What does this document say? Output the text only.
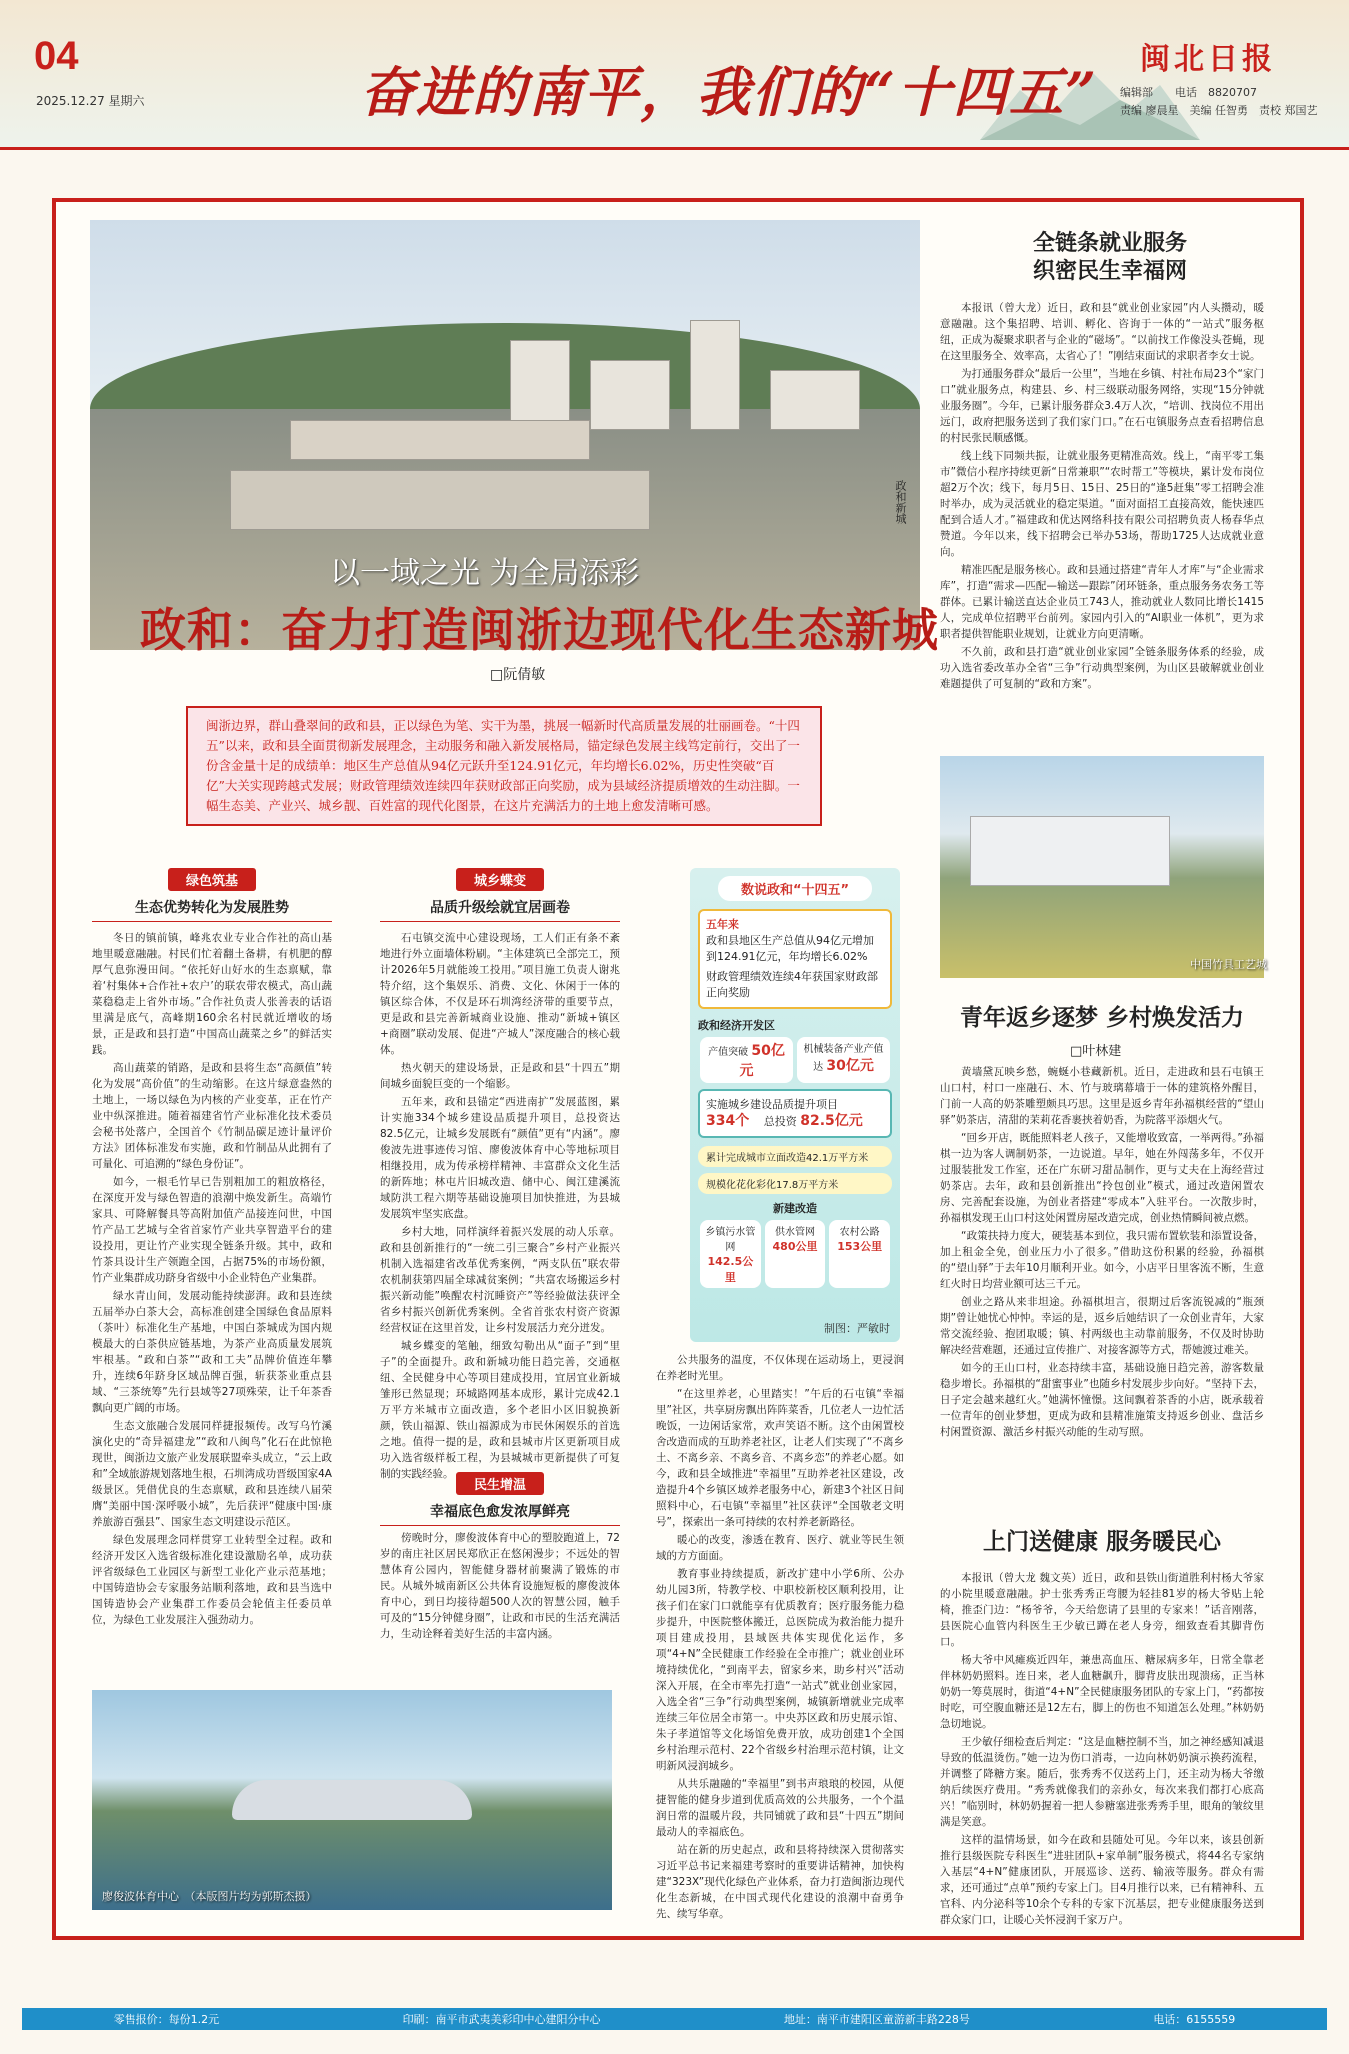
04
2025.12.27 星期六	奋进的南平，我们的“十四五”
闽北日报
编辑部　　电话　8820707
责编 廖晨星　美编 任智勇　责校 郑国艺
政和新城
以一域之光 为全局添彩
政和：奋力打造闽浙边现代化生态新城
□阮倩敏
闽浙边界，群山叠翠间的政和县，正以绿色为笔、实干为墨，挑展一幅新时代高质量发展的壮丽画卷。“十四五”以来，政和县全面贯彻新发展理念，主动服务和融入新发展格局，锚定绿色发展主线笃定前行，交出了一份含金量十足的成绩单：地区生产总值从94亿元跃升至124.91亿元，年均增长6.02%，历史性突破“百亿”大关实现跨越式发展；财政管理绩效连续四年获财政部正向奖励，成为县域经济提质增效的生动注脚。一幅生态美、产业兴、城乡靓、百姓富的现代化图景，在这片充满活力的土地上愈发清晰可感。
绿色筑基
生态优势转化为发展胜势

冬日的镇前镇，峰兆农业专业合作社的高山基地里暖意融融。村民们忙着翻土备耕，有机肥的醇厚气息弥漫田间。“依托好山好水的生态禀赋，靠着‘村集体+合作社+农户’的联农带农模式，高山蔬菜稳稳走上省外市场。”合作社负责人张善表的话语里满是底气，高峰期160余名村民就近增收的场景，正是政和县打造“中国高山蔬菜之乡”的鲜活实践。

高山蔬菜的销路，是政和县将生态“高颜值”转化为发展“高价值”的生动缩影。在这片绿意盎然的土地上，一场以绿色为内核的产业变革，正在竹产业中纵深推进。随着福建省竹产业标准化技术委员会秘书处落户，全国首个《竹制品碳足迹计量评价方法》团体标准发布实施，政和竹制品从此拥有了可量化、可追溯的“绿色身份证”。

如今，一根毛竹早已告别粗加工的粗放格径，在深度开发与绿色智造的浪潮中焕发新生。高端竹家具、可降解餐具等高附加值产品接连问世，中国竹产品工艺城与全省首家竹产业共享智造平台的建设投用，更让竹产业实现全链条升级。其中，政和竹茶具设计生产领跑全国，占据75%的市场份额，竹产业集群成功跻身省级中小企业特色产业集群。

绿水青山间，发展动能持续澎湃。政和县连续五届举办白茶大会，高标准创建全国绿色食品原料（茶叶）标准化生产基地，中国白茶城成为国内规模最大的白茶供应链基地，为茶产业高质量发展筑牢根基。“政和白茶”“政和工夫”品牌价值连年攀升，连续6年跻身区域品牌百强，斩获茶业重点县域、“三茶统筹”先行县域等27项殊荣，让千年茶香飘向更广阔的市场。

生态文旅融合发展同样捷报频传。改写乌竹溪演化史的“奇异福建龙”“政和八闽鸟”化石在此惊艳现世，闽浙边文旅产业发展联盟牵头成立，“云上政和”全域旅游规划落地生根，石圳湾成功晋级国家4A级景区。凭借优良的生态禀赋，政和县连续八届荣膺“美丽中国·深呼吸小城”，先后获评“健康中国·康养旅游百强县”、国家生态文明建设示范区。

绿色发展理念同样贯穿工业转型全过程。政和经济开发区入选省级标准化建设激励名单，成功获评省级绿色工业园区与新型工业化产业示范基地；中国铸造协会专家服务站顺利落地，政和县当选中国铸造协会产业集群工作委员会轮值主任委员单位，为绿色工业发展注入强劲动力。

城乡蝶变
品质升级绘就宜居画卷

石屯镇交流中心建设现场，工人们正有条不紊地进行外立面墙体粉刷。“主体建筑已全部完工，预计2026年5月就能竣工投用。”项目施工负责人谢兆特介绍，这个集娱乐、消费、文化、休闲于一体的镇区综合体，不仅是环石圳湾经济带的重要节点，更是政和县完善新城商业设施、推动“新城+镇区+商圈”联动发展、促进“产城人”深度融合的核心载体。

热火朝天的建设场景，正是政和县“十四五”期间城乡面貌巨变的一个缩影。

五年来，政和县锚定“西进南扩”发展蓝图，累计实施334个城乡建设品质提升项目，总投资达82.5亿元，让城乡发展既有“颜值”更有“内涵”。廖俊波先进事迹传习馆、廖俊波体育中心等地标项目相继投用，成为传承榜样精神、丰富群众文化生活的新阵地；林屯片旧城改造、储中心、闽江建溪流域防洪工程六期等基础设施项目加快推进，为县城发展筑牢坚实底盘。

乡村大地，同样演绎着振兴发展的动人乐章。政和县创新推行的“一统二引三聚合”乡村产业振兴机制入选福建省改革优秀案例，“两支队伍”联农带农机制获第四届全球减贫案例；“共富农场搬运乡村振兴新动能”唤醒农村沉睡资产”等经验做法获评全省乡村振兴创新优秀案例。全省首张农村资产资源经营权证在这里首发，让乡村发展活力充分迸发。

城乡蝶变的笔触，细致勾勒出从“面子”到“里子”的全面提升。政和新城功能日趋完善，交通枢纽、全民健身中心等项目建成投用，宜居宜业新城雏形已然显现；环城路网基本成形，累计完成42.1万平方米城市立面改造，多个老旧小区旧貌换新颜，铁山福源、铁山福源成为市民休闲娱乐的首选之地。值得一提的是，政和县城市片区更新项目成功入选省级样板工程，为县城城市更新提供了可复制的实践经验。

民生增温
幸福底色愈发浓厚鲜亮

傍晚时分，廖俊波体育中心的塑胶跑道上，72岁的南庄社区居民郑欣正在悠闲漫步；不远处的智慧体育公园内，智能健身器材前聚满了锻炼的市民。从城外城南新区公共体育设施短板的廖俊波体育中心，到日均接待超500人次的智慧公园，触手可及的“15分钟健身圈”，让政和市民的生活充满活力，生动诠释着美好生活的丰富内涵。

数说政和“十四五”
五年来
政和县地区生产总值从94亿元增加到124.91亿元，年均增长6.02%
财政管理绩效连续4年获国家财政部正向奖励
政和经济开发区
产值突破 50亿元
机械装备产业产值达 30亿元
实施城乡建设品质提升项目
334个　 总投资 82.5亿元
累计完成城市立面改造42.1万平方米
规模化花化彩化17.8万平方米
新建改造
乡镇污水管网
142.5公里
供水管网
480公里
农村公路
153公里
制图：严敏时

公共服务的温度，不仅体现在运动场上，更浸润在养老时光里。

“在这里养老，心里踏实！”午后的石屯镇“幸福里”社区，共享厨房飘出阵阵菜香，几位老人一边忙活晚饭，一边闲话家常，欢声笑语不断。这个由闲置校舍改造而成的互助养老社区，让老人们实现了“不离乡土、不离乡亲、不离乡音、不离乡恋”的养老心愿。如今，政和县全域推进“幸福里”互助养老社区建设，改造提升4个乡镇区域养老服务中心，新建3个社区日间照料中心，石屯镇“幸福里”社区获评“全国敬老文明号”，探索出一条可持续的农村养老新路径。

暖心的改变，渗透在教育、医疗、就业等民生领域的方方面面。

教育事业持续提质，新改扩建中小学6所、公办幼儿园3所，特教学校、中职校新校区顺利投用，让孩子们在家门口就能享有优质教育；医疗服务能力稳步提升，中医院整体搬迁，总医院成为救治能力提升项目建成投用，县域医共体实现优化运作，多项“4+N”全民健康工作经验在全市推广；就业创业环境持续优化，“到南平去，留家乡来，助乡村兴”活动深入开展，在全市率先打造“一站式”就业创业家园，入选全省“三争”行动典型案例，城镇新增就业完成率连续三年位居全市第一。中央苏区政和历史展示馆、朱子孝道馆等文化场馆免费开放，成功创建1个全国乡村治理示范村、22个省级乡村治理示范村镇，让文明新风浸润城乡。

从共乐融融的“幸福里”到书声琅琅的校园，从便捷智能的健身步道到优质高效的公共服务，一个个温润日常的温暖片段，共同铺就了政和县“十四五”期间最动人的幸福底色。

站在新的历史起点，政和县将持续深入贯彻落实习近平总书记来福建考察时的重要讲话精神，加快构建“323X”现代化绿色产业体系，奋力打造闽浙边现代化生态新城，在中国式现代化建设的浪潮中奋勇争先、续写华章。

廖俊波体育中心　（本版图片均为郭斯杰摄）
全链条就业服务
织密民生幸福网

本报讯（曾大龙）近日，政和县“就业创业家园”内人头攒动，暖意融融。这个集招聘、培训、孵化、咨询于一体的“一站式”服务枢纽，正成为凝聚求职者与企业的“磁场”。“以前找工作像没头苍蝇，现在这里服务全、效率高，太省心了！”刚结束面试的求职者李女士说。

为打通服务群众“最后一公里”，当地在乡镇、村社布局23个“家门口”就业服务点，构建县、乡、村三级联动服务网络，实现“15分钟就业服务圈”。今年，已累计服务群众3.4万人次，“培训、找岗位不用出远门，政府把服务送到了我们家门口。”在石屯镇服务点查看招聘信息的村民张民顺感慨。

线上线下同频共振，让就业服务更精准高效。线上，“南平零工集市”微信小程序持续更新“日常兼职”“农时帮工”等模块，累计发布岗位超2万个次；线下，每月5日、15日、25日的“逢5赶集”零工招聘会准时举办，成为灵活就业的稳定渠道。“面对面招工直接高效，能快速匹配到合适人才。”福建政和优达网络科技有限公司招聘负责人杨春华点赞道。今年以来，线下招聘会已举办53场，帮助1725人达成就业意向。

精准匹配是服务核心。政和县通过搭建“青年人才库”与“企业需求库”，打造“需求—匹配—输送—跟踪”闭环链条，重点服务务农务工等群体。已累计输送直达企业员工743人，推动就业人数同比增长1415人，完成单位招聘平台前列。家园内引入的“AI职业一体机”，更为求职者提供智能职业规划，让就业方向更清晰。

不久前，政和县打造“就业创业家园”全链条服务体系的经验，成功入选省委改革办全省“三争”行动典型案例，为山区县破解就业创业难题提供了可复制的“政和方案”。

中国竹具工艺城
青年返乡逐梦 乡村焕发活力
□叶林建

黄墙黛瓦映乡愁，蜿蜒小巷藏新机。近日，走进政和县石屯镇王山口村，村口一座融石、木、竹与玻璃幕墙于一体的建筑格外醒目，门前一人高的奶茶雕塑颇具巧思。这里是返乡青年孙福棋经营的“望山驿”奶茶店，清甜的茉莉花香裹挟着奶香，为院落平添烟火气。

“回乡开店，既能照料老人孩子，又能增收致富，一举两得。”孙福棋一边为客人调制奶茶，一边说道。早年，她在外闯荡多年，不仅开过服装批发工作室，还在广东研习甜品制作，更与丈夫在上海经营过奶茶店。去年，政和县创新推出“拎包创业”模式，通过改造闲置农房、完善配套设施，为创业者搭建“零成本”入驻平台。一次散步时，孙福棋发现王山口村这处闲置房屋改造完成，创业热情瞬间被点燃。

“政策扶持力度大，硬装基本到位，我只需布置软装和添置设备，加上租金全免，创业压力小了很多。”借助这份积累的经验，孙福棋的“望山驿”于去年10月顺利开业。如今，小店平日里客流不断，生意红火时日均营业额可达三千元。

创业之路从来非坦途。孙福棋坦言，很期过后客流锐减的“瓶颈期”曾让她忧心忡忡。幸运的是，返乡后她结识了一众创业青年，大家常交流经验、抱团取暖；镇、村两级也主动靠前服务，不仅及时协助解决经营难题，还通过宣传推广、对接客源等方式，帮她渡过难关。

如今的王山口村，业态持续丰富，基础设施日趋完善，游客数量稳步增长。孙福棋的“甜蜜事业”也随乡村发展步步向好。“坚持下去，日子定会越来越红火。”她满怀憧憬。这间飘着茶香的小店，既承载着一位青年的创业梦想，更成为政和县精准施策支持返乡创业、盘活乡村闲置资源、激活乡村振兴动能的生动写照。

上门送健康 服务暖民心

本报讯（曾大龙 魏文英）近日，政和县铁山街道胜利村杨大爷家的小院里暖意融融。护士张秀秀正弯腰为轻挂81岁的杨大爷贴上轮椅，推歪门边：“杨爷爷，今天给您请了县里的专家来！”话音刚落，县医院心血管内科医生王少敏已蹲在老人身旁，细致查看其脚背伤口。

杨大爷中风瘫痪近四年，兼患高血压、糖尿病多年，日常全靠老伴林奶奶照料。连日来，老人血糖飙升，脚背皮肤出现溃疡，正当林奶奶一筹莫展时，街道“4+N”全民健康服务团队的专家上门，“药都按时吃，可空腹血糖还是12左右，脚上的伤也不知道怎么处理。”林奶奶急切地说。

王少敏仔细检查后判定：“这是血糖控制不当，加之神经感知减退导致的低温烫伤。”她一边为伤口消毒，一边向林奶奶演示换药流程，并调整了降糖方案。随后，张秀秀不仅送药上门，还主动为杨大爷缴纳后续医疗费用。“秀秀就像我们的亲孙女，每次来我们都打心底高兴！”临别时，林奶奶握着一把人参糖塞进张秀秀手里，眼角的皱纹里满是笑意。

这样的温情场景，如今在政和县随处可见。今年以来，该县创新推行县级医院专科医生“进驻团队+家单制”服务模式，将44名专家纳入基层“4+N”健康团队，开展巡诊、送药、输液等服务。群众有需求，还可通过“点单”预约专家上门。目4月推行以来，已有精神科、五官科、内分泌科等10余个专科的专家下沉基层，把专业健康服务送到群众家门口，让暖心关怀浸润千家万户。

零售报价：每份1.2元	印刷：南平市武夷美彩印中心建阳分中心	地址：南平市建阳区童游新丰路228号	电话：6155559
